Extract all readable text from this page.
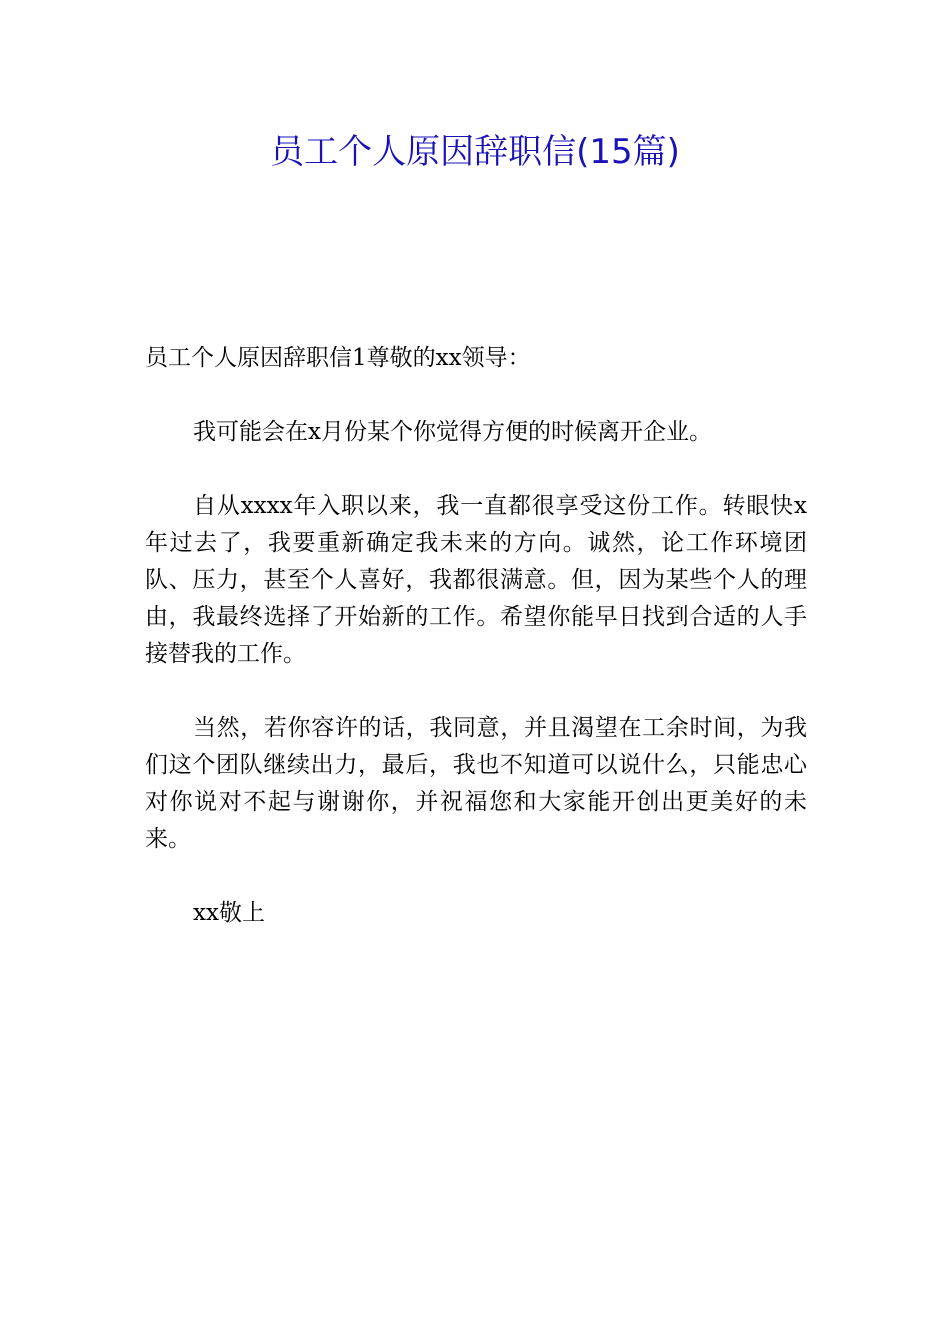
员工个人原因辞职信(15篇)

员工个人原因辞职信1尊敬的xx领导：

我可能会在x月份某个你觉得方便的时候离开企业。

自从xxxx年入职以来，我一直都很享受这份工作。转眼快x年过去了，我要重新确定我未来的方向。诚然，论工作环境团队、压力，甚至个人喜好，我都很满意。但，因为某些个人的理由，我最终选择了开始新的工作。希望你能早日找到合适的人手接替我的工作。

当然，若你容许的话，我同意，并且渴望在工余时间，为我们这个团队继续出力，最后，我也不知道可以说什么，只能忠心对你说对不起与谢谢你，并祝福您和大家能开创出更美好的未来。

xx敬上
